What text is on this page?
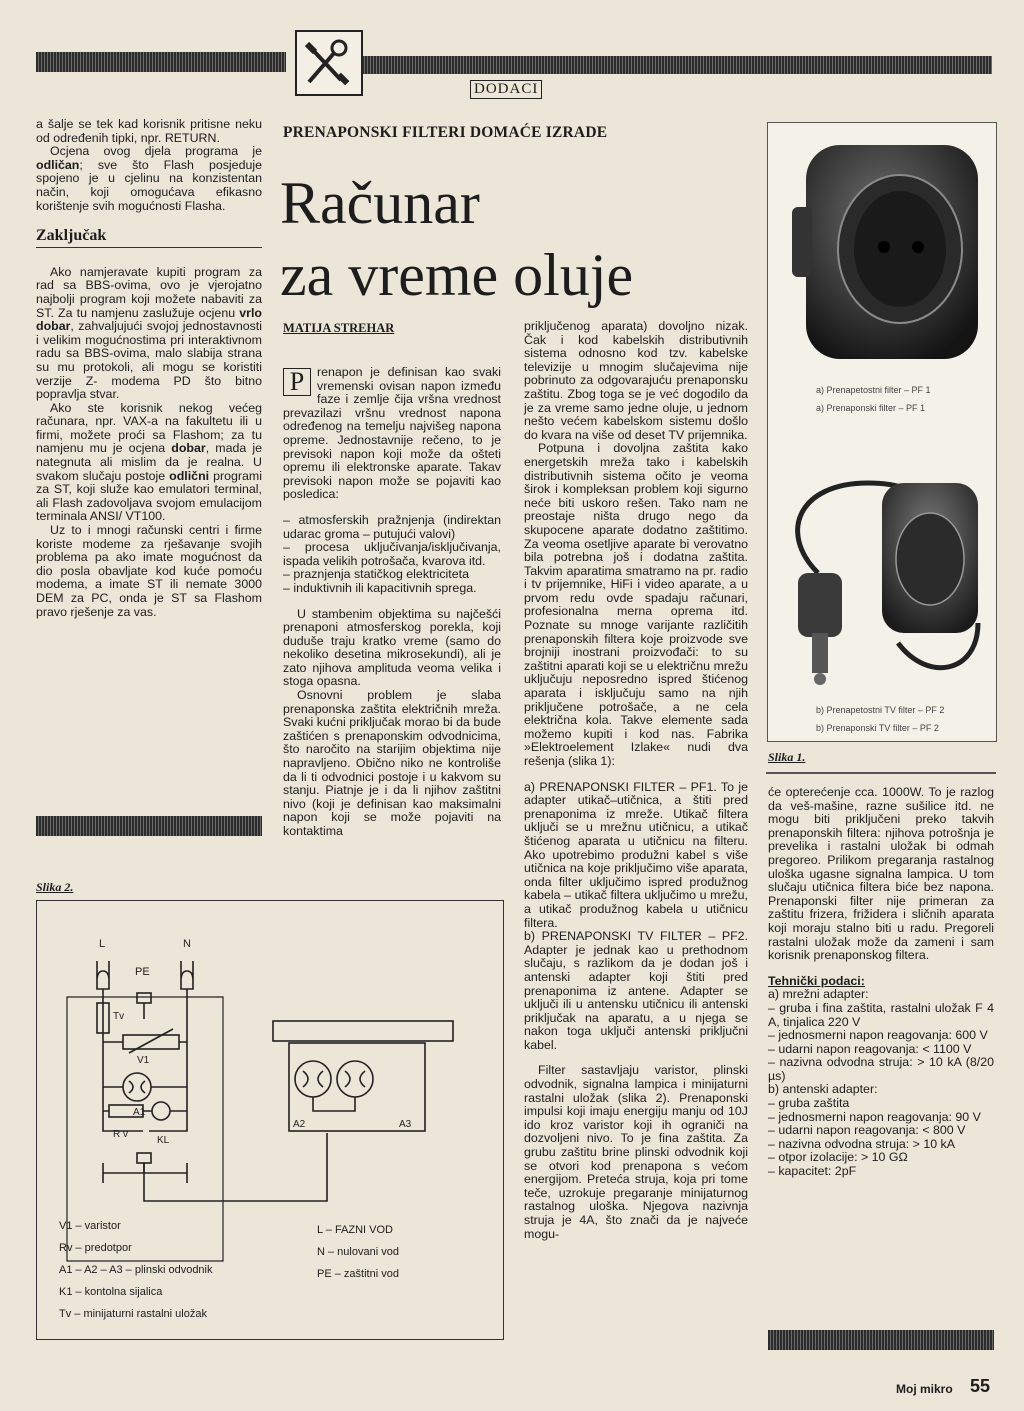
DODACI
PRENAPONSKI FILTERI DOMAĆE IZRADE
Računar
za vreme oluje
MATIJA STREHAR

a šalje se tek kad korisnik pritisne neku od određenih tipki, npr. RETURN.

Ocjena ovog djela programa je odličan; sve što Flash posjeduje spojeno je u cjelinu na konzistentan način, koji omogućava efikasno korištenje svih mogućnosti Flasha.

Zaključak

Ako namjeravate kupiti program za rad sa BBS-ovima, ovo je vjerojatno najbolji program koji možete nabaviti za ST. Za tu namjenu zaslužuje ocjenu vrlo dobar, zahvaljujući svojoj jednostavnosti i velikim mogućnostima pri interaktivnom radu sa BBS-ovima, malo slabija strana su mu protokoli, ali mogu se koristiti verzije Z- modema PD što bitno popravlja stvar.

Ako ste korisnik nekog većeg računara, npr. VAX-a na fakultetu ili u firmi, možete proći sa Flashom; za tu namjenu mu je ocjena dobar, mada je nategnuta ali mislim da je realna. U svakom slučaju postoje odlični programi za ST, koji služe kao emulatori terminal, ali Flash zadovoljava svojom emulacijom terminala ANSI/ VT100.

Uz to i mnogi računski centri i firme koriste modeme za rješavanje svojih problema pa ako imate mogućnost da dio posla obavljate kod kuće pomoću modema, a imate ST ili nemate 3000 DEM za PC, onda je ST sa Flashom pravo rješenje za vas.

P	renapon je definisan kao svaki vremenski ovisan napon između faze i zemlje čija vršna vrednost prevazilazi vršnu vrednost napona određenog na temelju najvišeg napona opreme. Jednostavnije rečeno, to je previsoki napon koji može da ošteti opremu ili elektronske aparate. Takav previsoki napon može se pojaviti kao posledica:

– atmosferskih pražnjenja (indirektan udarac groma – putujući valovi)

– procesa uključivanja/isključivanja, ispada velikih potrošača, kvarova itd.

– praznjenja statičkog elektriciteta

– induktivnih ili kapacitivnih sprega.

U stambenim objektima su najčešći prenaponi atmosferskog porekla, koji duduše traju kratko vreme (samo do nekoliko desetina mikrosekundi), ali je zato njihova amplituda veoma velika i stoga opasna.

Osnovni problem je slaba prenaponska zaštita električnih mreža. Svaki kućni priključak morao bi da bude zaštićen s prenaponskim odvodnicima, što naročito na starijim objektima nije napravljeno. Obično niko ne kontroliše da li ti odvodnici postoje i u kakvom su stanju. Piatnje je i da li njihov zaštitni nivo (koji je definisan kao maksimalni napon koji se može pojaviti na kontaktima

priključenog aparata) dovoljno nizak. Čak i kod kabelskih distributivnih sistema odnosno kod tzv. kabelske televizije u mnogim slučajevima nije pobrinuto za odgovarajuću prenaponsku zaštitu. Zbog toga se je već dogodilo da je za vreme samo jedne oluje, u jednom nešto većem kabelskom sistemu došlo do kvara na više od deset TV prijemnika.

Potpuna i dovoljna zaštita kako energetskih mreža tako i kabelskih distributivnih sistema očito je veoma širok i kompleksan problem koji sigurno neće biti uskoro rešen. Tako nam ne preostaje ništa drugo nego da skupocene aparate dodatno zaštitimo. Za veoma osetljive aparate bi verovatno bila potrebna još i dodatna zaštita. Takvim aparatima smatramo na pr. radio i tv prijemnike, HiFi i video aparate, a u prvom redu ovde spadaju računari, profesionalna merna oprema itd. Poznate su mnoge varijante različitih prenaponskih filtera koje proizvode sve brojniji inostrani proizvođači: to su zaštitni aparati koji se u električnu mrežu uključuju neposredno ispred štićenog aparata i isključuju samo na njih priključene potrošače, a ne cela električna kola. Takve elemente sada možemo kupiti i kod nas. Fabrika »Elektroelement Izlake« nudi dva rešenja (slika 1):

a) PRENAPONSKI FILTER – PF1. To je adapter utikač–utičnica, a štiti pred prenaponima iz mreže. Utikač filtera uključi se u mrežnu utičnicu, a utikač štićenog aparata u utičnicu na filteru. Ako upotrebimo produžni kabel s više utičnica na koje priključimo više aparata, onda filter uključimo ispred produžnog kabela – utikač filtera uključimo u mrežu, a utikač produžnog kabela u utičnicu filtera.

b) PRENAPONSKI TV FILTER – PF2. Adapter je jednak kao u prethodnom slučaju, s razlikom da je dodan još i antenski adapter koji štiti pred prenaponima iz antene. Adapter se uključi ili u antensku utičnicu ili antenski priključak na aparatu, a u njega se nakon toga uključi antenski priključni kabel.

Filter sastavljaju varistor, plinski odvodnik, signalna lampica i minijaturni rastalni uložak (slika 2). Prenaponski impulsi koji imaju energiju manju od 10J ido kroz varistor koji ih ograniči na dozvoljeni nivo. To je fina zaštita. Za grubu zaštitu brine plinski odvodnik koji se otvori kod prenapona s većom energijom. Preteća struja, koja pri tome teče, uzrokuje pregaranje minijaturnog rastalnog uloška. Njegova nazivnja struja je 4A, što znači da je najveće mogu-

a) Prenapetostni filter – PF 1
a) Prenaponski filter – PF 1
b) Prenapetostni TV filter – PF 2
b) Prenaponski TV filter – PF 2
Slika 1.

će opterećenje cca. 1000W. To je razlog da veš-mašine, razne sušilice itd. ne mogu biti priključeni preko takvih prenaponskih filtera: njihova potrošnja je prevelika i rastalni uložak bi odmah pregoreo. Prilikom pregaranja rastalnog uloška ugasne signalna lampica. U tom slučaju utičnica filtera biće bez napona. Prenaponski filter nije primeran za zaštitu frizera, frižidera i sličnih aparata koji moraju stalno biti u radu. Pregoreli rastalni uložak može da zameni i sam korisnik prenaponskog filtera.

Tehnički podaci:

a) mrežni adapter:

– gruba i fina zaštita, rastalni uložak F 4 A, tinjalica 220 V

– jednosmerni napon reagovanja: 600 V

– udarni napon reagovanja: < 1100 V

– nazivna odvodna struja: > 10 kA (8/20 µs)

b) antenski adapter:

– gruba zaštita

– jednosmerni napon reagovanja: 90 V

– udarni napon reagovanja: < 800 V

– nazivna odvodna struja: > 10 kA

– otpor izolacije: > 10 GΩ

– kapacitet: 2pF

Slika 2.
L	N
PE
Tv
V1
A1
R v
KL
A2	A3
V1 – varistor
Rv – predotpor
A1 – A2 – A3 – plinski odvodnik
K1 – kontolna sijalica
Tv – minijaturni rastalni uložak
L – FAZNI VOD
N – nulovani vod
PE – zaštitni vod
Moj mikro 55
